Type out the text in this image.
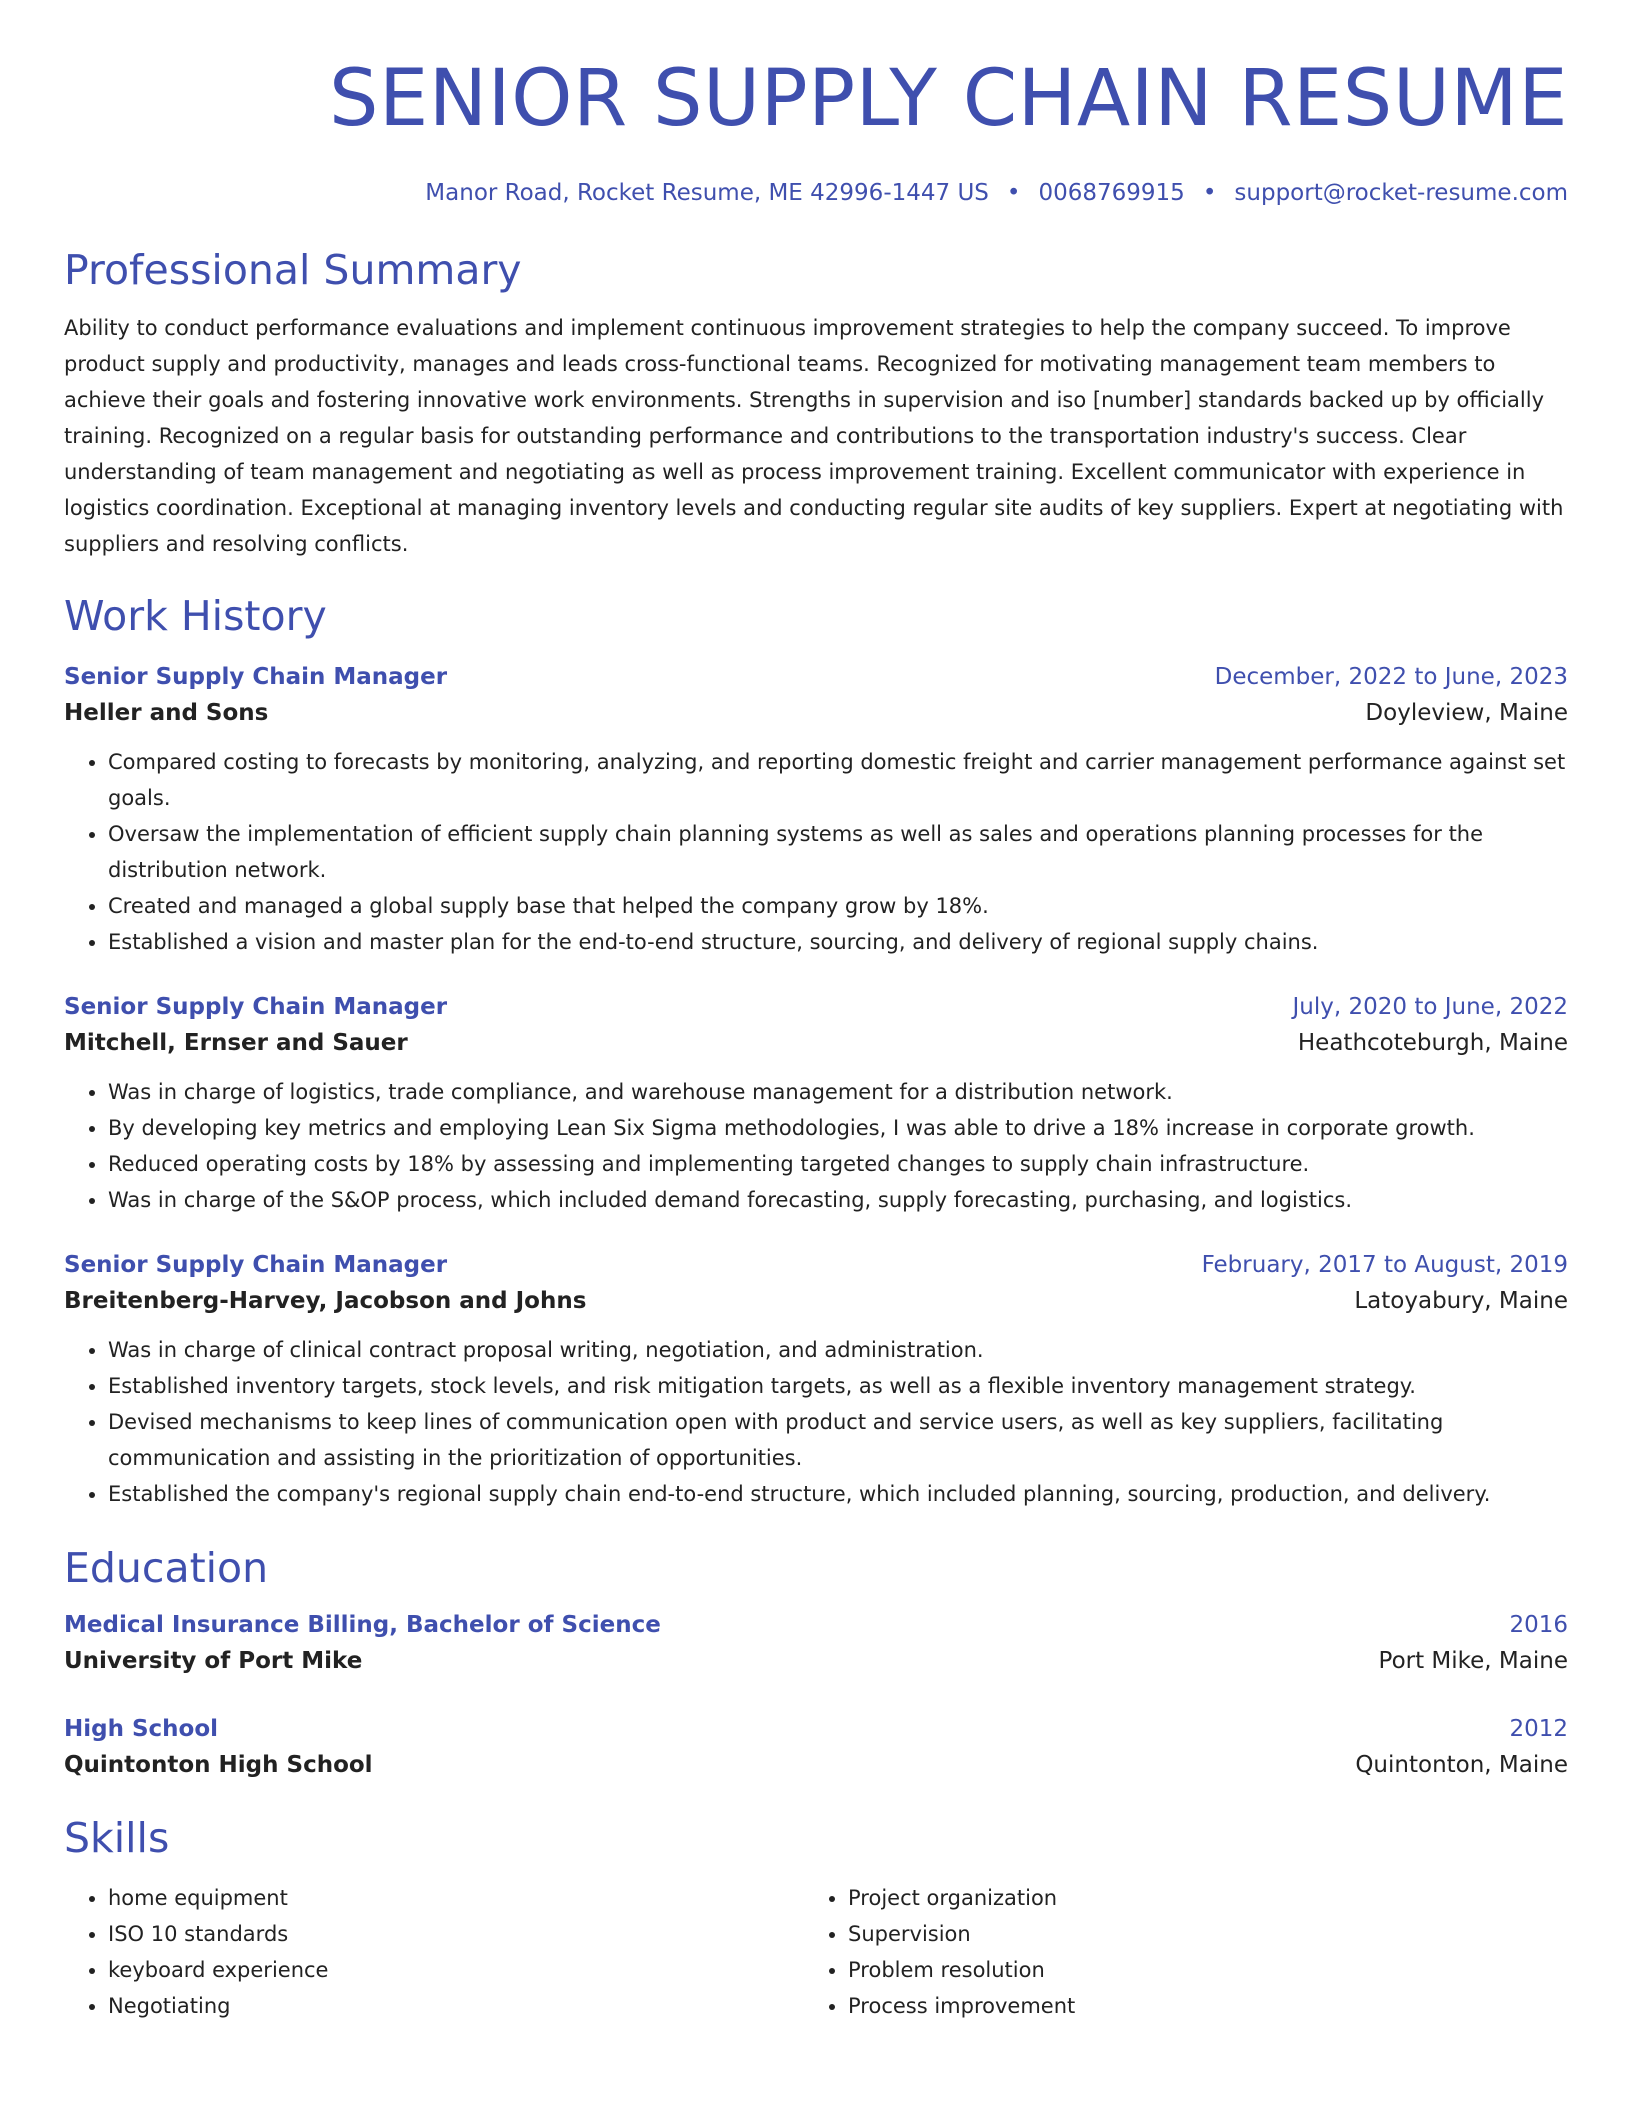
SENIOR SUPPLY CHAIN RESUME
Manor Road, Rocket Resume, ME 42996-1447 US • 0068769915 • support@rocket-resume.com
Professional Summary

Ability to conduct performance evaluations and implement continuous improvement strategies to help the company succeed. To improve product supply and productivity, manages and leads cross-functional teams. Recognized for motivating management team members to achieve their goals and fostering innovative work environments. Strengths in supervision and iso [number] standards backed up by officially training. Recognized on a regular basis for outstanding performance and contributions to the transportation industry's success. Clear understanding of team management and negotiating as well as process improvement training. Excellent communicator with experience in logistics coordination. Exceptional at managing inventory levels and conducting regular site audits of key suppliers. Expert at negotiating with suppliers and resolving conflicts.

Work History
Senior Supply Chain Manager	December, 2022 to June, 2023
Heller and Sons	Doyleview, Maine
• Compared costing to forecasts by monitoring, analyzing, and reporting domestic freight and carrier management performance against set goals.
• Oversaw the implementation of efficient supply chain planning systems as well as sales and operations planning processes for the distribution network.
• Created and managed a global supply base that helped the company grow by 18%.
• Established a vision and master plan for the end-to-end structure, sourcing, and delivery of regional supply chains.
Senior Supply Chain Manager	July, 2020 to June, 2022
Mitchell, Ernser and Sauer	Heathcoteburgh, Maine
• Was in charge of logistics, trade compliance, and warehouse management for a distribution network.
• By developing key metrics and employing Lean Six Sigma methodologies, I was able to drive a 18% increase in corporate growth.
• Reduced operating costs by 18% by assessing and implementing targeted changes to supply chain infrastructure.
• Was in charge of the S&OP process, which included demand forecasting, supply forecasting, purchasing, and logistics.
Senior Supply Chain Manager	February, 2017 to August, 2019
Breitenberg-Harvey, Jacobson and Johns	Latoyabury, Maine
• Was in charge of clinical contract proposal writing, negotiation, and administration.
• Established inventory targets, stock levels, and risk mitigation targets, as well as a flexible inventory management strategy.
• Devised mechanisms to keep lines of communication open with product and service users, as well as key suppliers, facilitating communication and assisting in the prioritization of opportunities.
• Established the company's regional supply chain end-to-end structure, which included planning, sourcing, production, and delivery.
Education
Medical Insurance Billing, Bachelor of Science	2016
University of Port Mike	Port Mike, Maine
High School	2012
Quintonton High School	Quintonton, Maine
Skills
• home equipment
• ISO 10 standards
• keyboard experience
• Negotiating
• Project organization
• Supervision
• Problem resolution
• Process improvement
